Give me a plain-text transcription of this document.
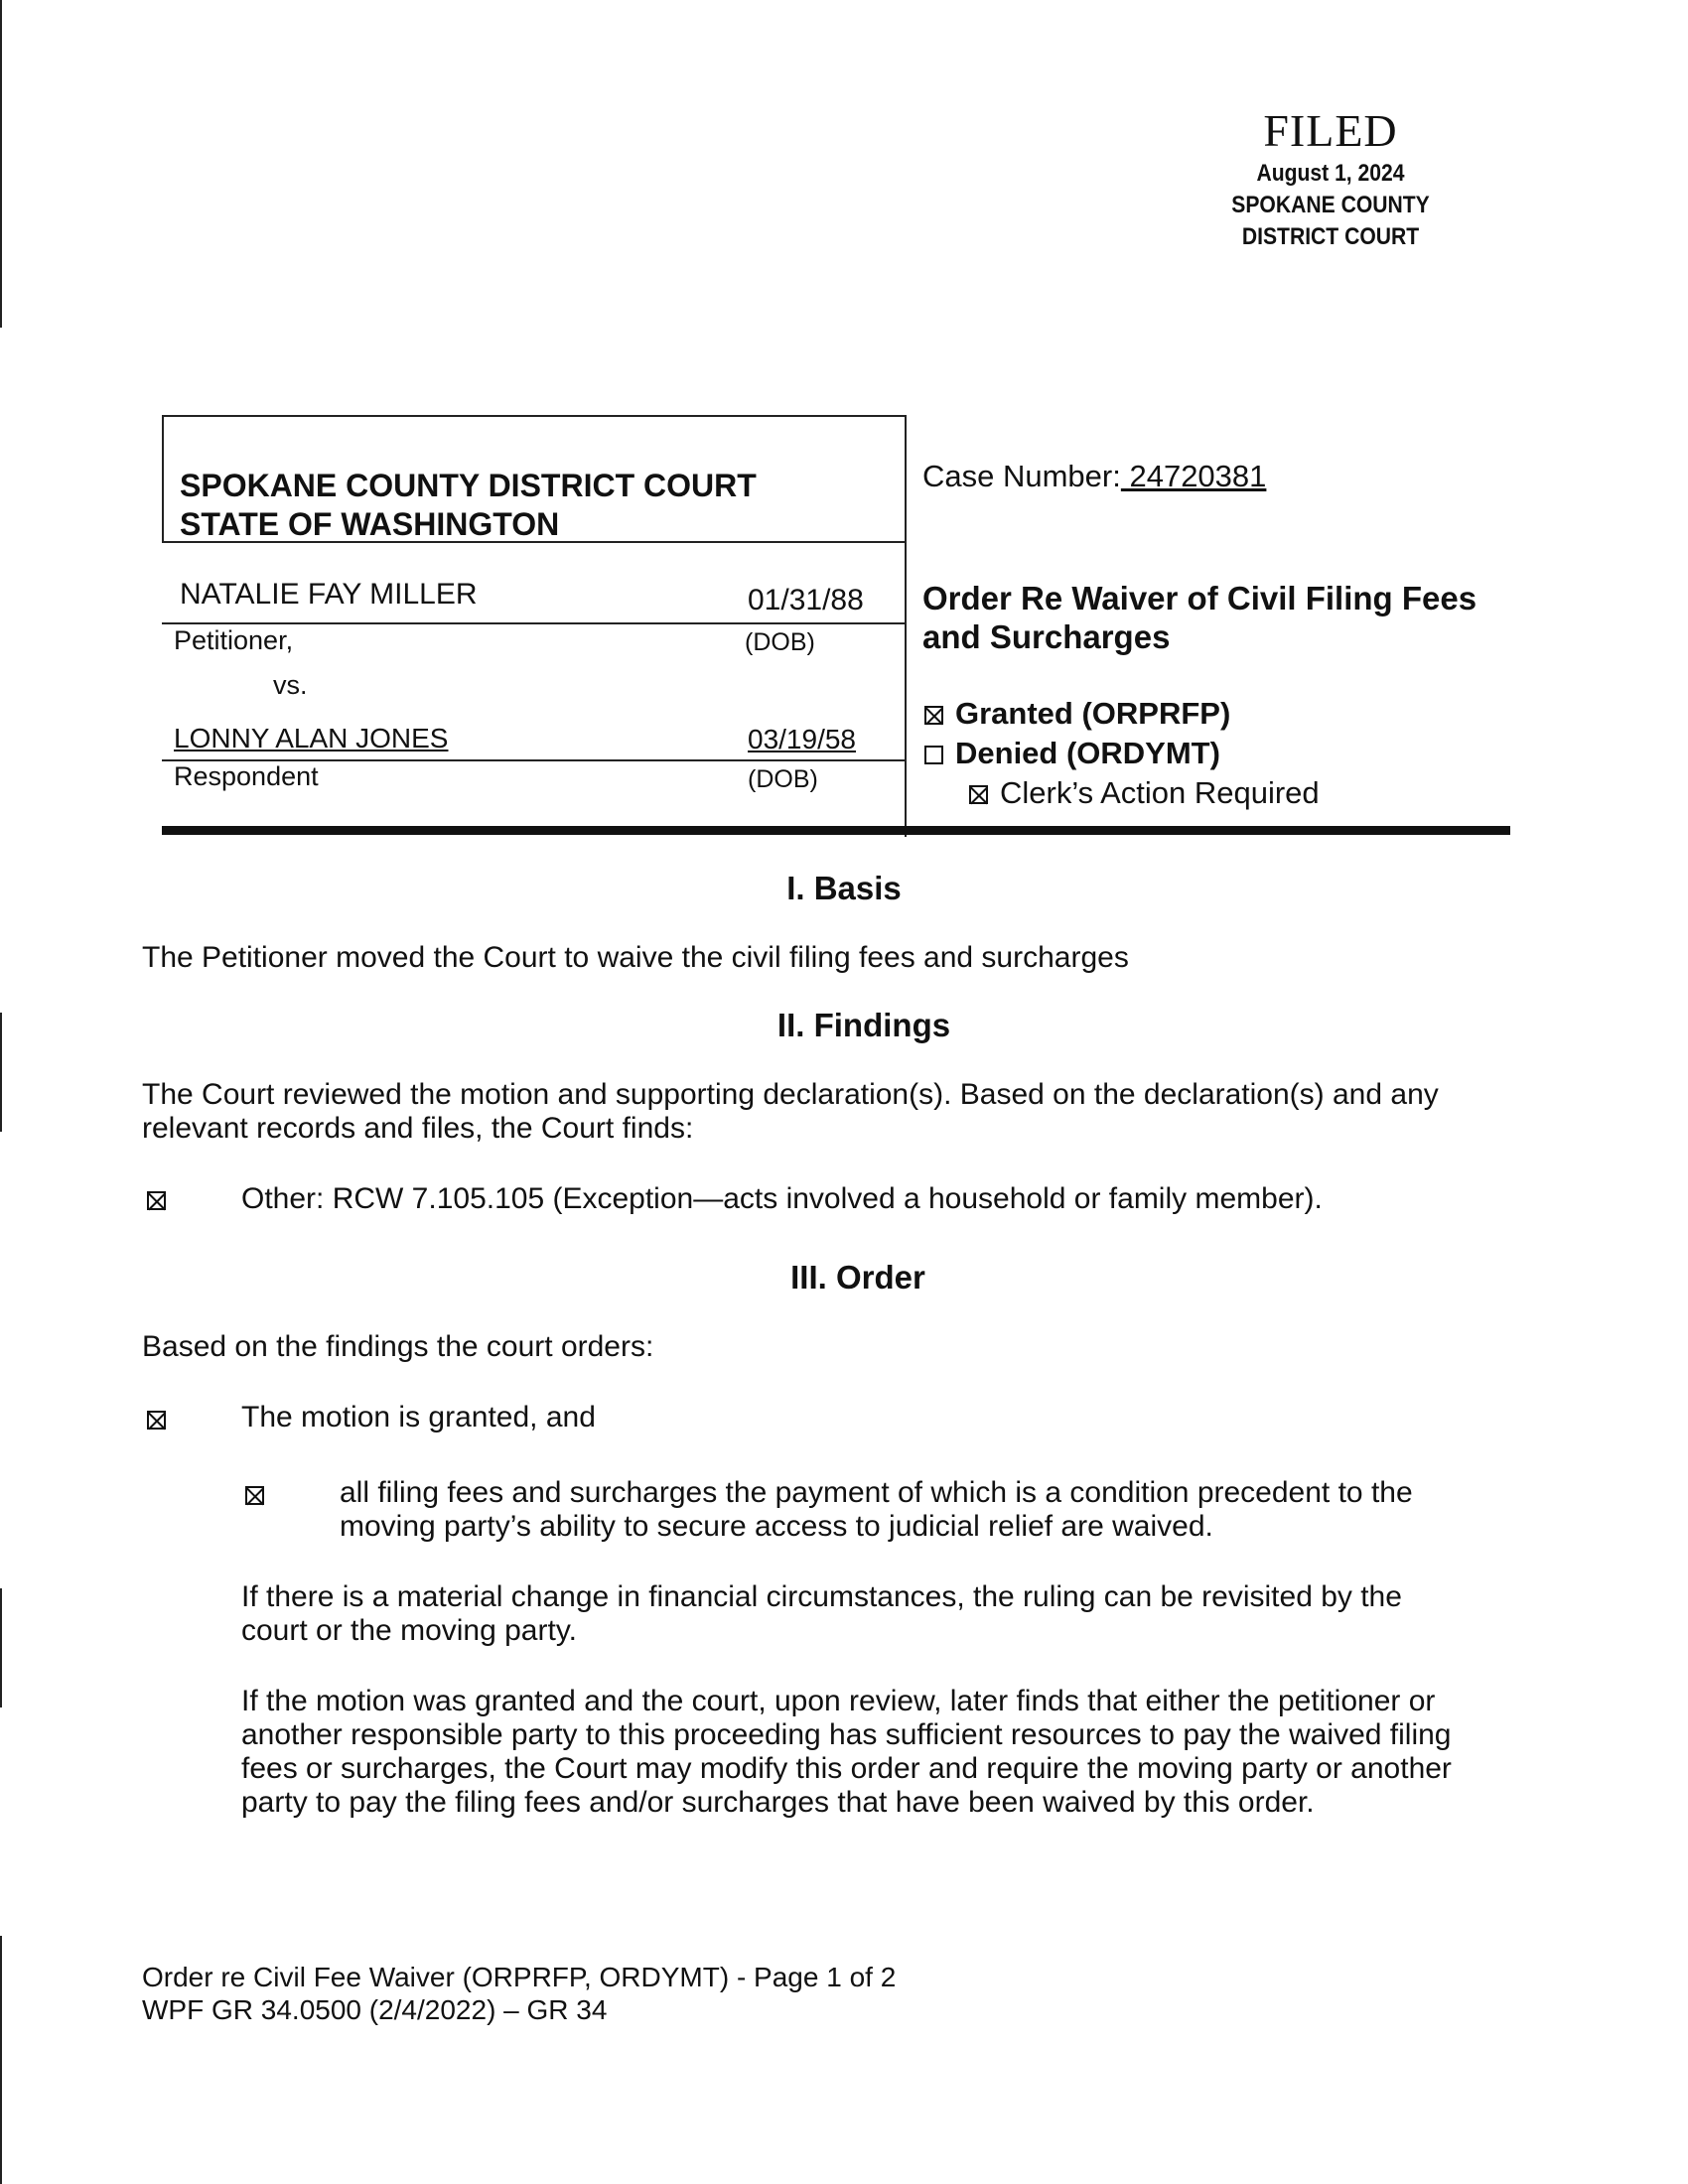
FILED
August 1, 2024
SPOKANE COUNTY
DISTRICT COURT
SPOKANE COUNTY DISTRICT COURT
STATE OF WASHINGTON
NATALIE FAY MILLER	01/31/88
Petitioner,	(DOB)
vs.
LONNY ALAN JONES	03/19/58
Respondent	(DOB)
Case Number: 24720381
Order Re Waiver of Civil Filing Fees
and Surcharges
Granted (ORPRFP)
Denied (ORDYMT)
Clerk’s Action Required
I. Basis
The Petitioner moved the Court to waive the civil filing fees and surcharges
II. Findings
The Court reviewed the motion and supporting declaration(s). Based on the declaration(s) and any
relevant records and files, the Court finds:
Other: RCW 7.105.105 (Exception—acts involved a household or family member).
III. Order
Based on the findings the court orders:
The motion is granted, and
all filing fees and surcharges the payment of which is a condition precedent to the
moving party’s ability to secure access to judicial relief are waived.
If there is a material change in financial circumstances, the ruling can be revisited by the
court or the moving party.
If the motion was granted and the court, upon review, later finds that either the petitioner or
another responsible party to this proceeding has sufficient resources to pay the waived filing
fees or surcharges, the Court may modify this order and require the moving party or another
party to pay the filing fees and/or surcharges that have been waived by this order.
Order re Civil Fee Waiver (ORPRFP, ORDYMT) - Page 1 of 2
WPF GR 34.0500 (2/4/2022) – GR 34
